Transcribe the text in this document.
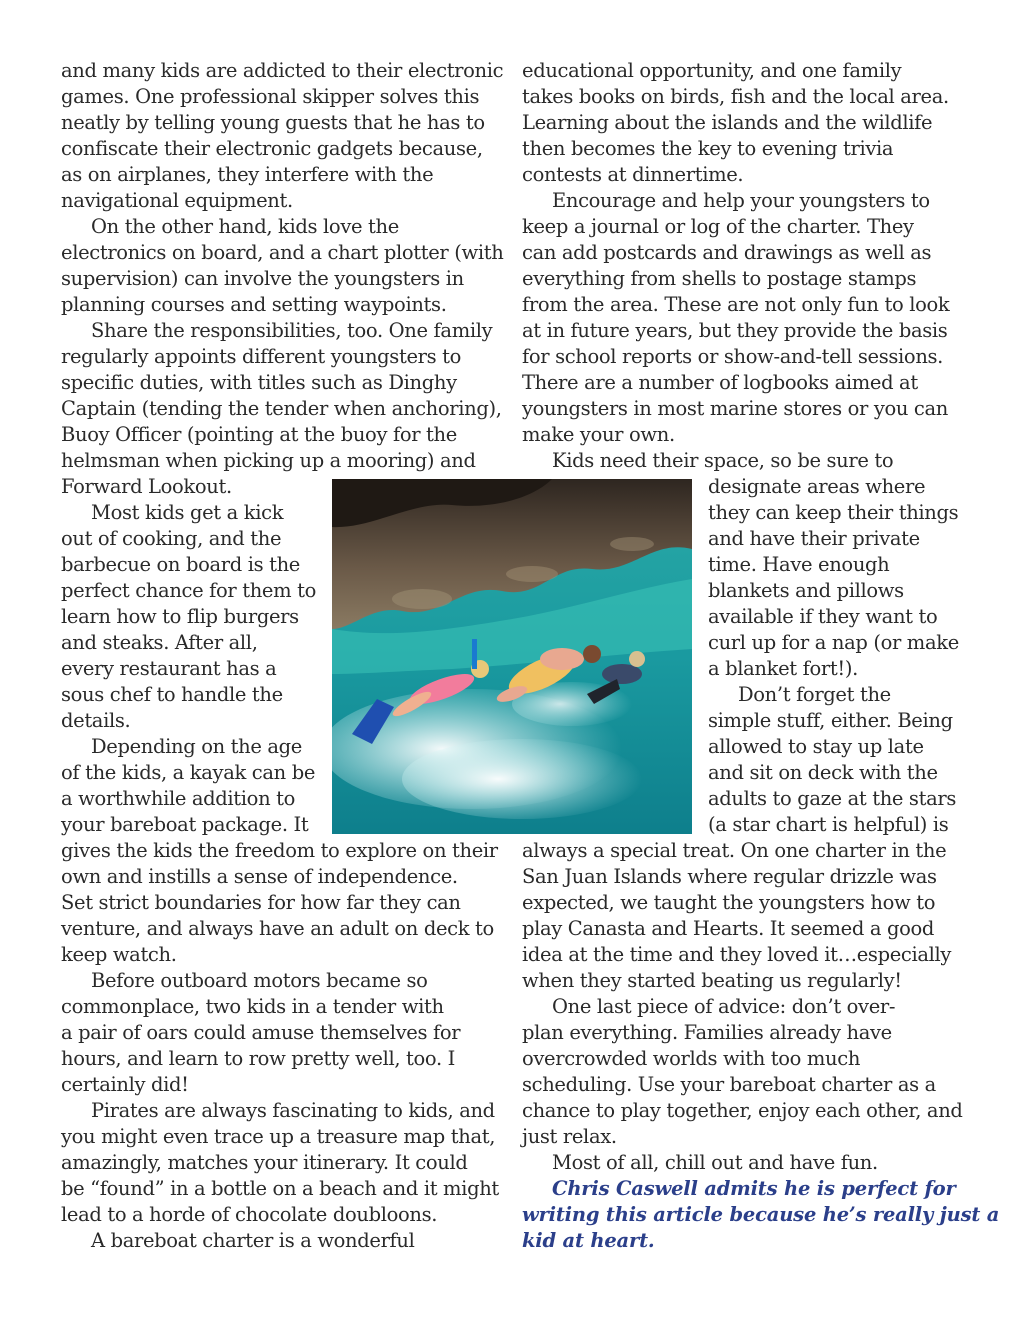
and many kids are addicted to their electronic
games. One professional skipper solves this
neatly by telling young guests that he has to
confiscate their electronic gadgets because,
as on airplanes, they interfere with the
navigational equipment.
On the other hand, kids love the
electronics on board, and a chart plotter (with
supervision) can involve the youngsters in
planning courses and setting waypoints.
Share the responsibilities, too. One family
regularly appoints different youngsters to
specific duties, with titles such as Dinghy
Captain (tending the tender when anchoring),
Buoy Officer (pointing at the buoy for the
helmsman when picking up a mooring) and
Forward Lookout.
Most kids get a kick
out of cooking, and the
barbecue on board is the
perfect chance for them to
learn how to flip burgers
and steaks. After all,
every restaurant has a
sous chef to handle the
details.
Depending on the age
of the kids, a kayak can be
a worthwhile addition to
your bareboat package. It
gives the kids the freedom to explore on their
own and instills a sense of independence.
Set strict boundaries for how far they can
venture, and always have an adult on deck to
keep watch.
Before outboard motors became so
commonplace, two kids in a tender with
a pair of oars could amuse themselves for
hours, and learn to row pretty well, too. I
certainly did!
Pirates are always fascinating to kids, and
you might even trace up a treasure map that,
amazingly, matches your itinerary. It could
be “found” in a bottle on a beach and it might
lead to a horde of chocolate doubloons.
A bareboat charter is a wonderful
educational opportunity, and one family
takes books on birds, fish and the local area.
Learning about the islands and the wildlife
then becomes the key to evening trivia
contests at dinnertime.
Encourage and help your youngsters to
keep a journal or log of the charter. They
can add postcards and drawings as well as
everything from shells to postage stamps
from the area. These are not only fun to look
at in future years, but they provide the basis
for school reports or show-and-tell sessions.
There are a number of logbooks aimed at
youngsters in most marine stores or you can
make your own.
Kids need their space, so be sure to
designate areas where
they can keep their things
and have their private
time. Have enough
blankets and pillows
available if they want to
curl up for a nap (or make
a blanket fort!).
Don’t forget the
simple stuff, either. Being
allowed to stay up late
and sit on deck with the
adults to gaze at the stars
(a star chart is helpful) is
always a special treat. On one charter in the
San Juan Islands where regular drizzle was
expected, we taught the youngsters how to
play Canasta and Hearts. It seemed a good
idea at the time and they loved it…especially
when they started beating us regularly!
One last piece of advice: don’t over-
plan everything. Families already have
overcrowded worlds with too much
scheduling. Use your bareboat charter as a
chance to play together, enjoy each other, and
just relax.
Most of all, chill out and have fun.
Chris Caswell admits he is perfect for
writing this article because he’s really just a
kid at heart.
